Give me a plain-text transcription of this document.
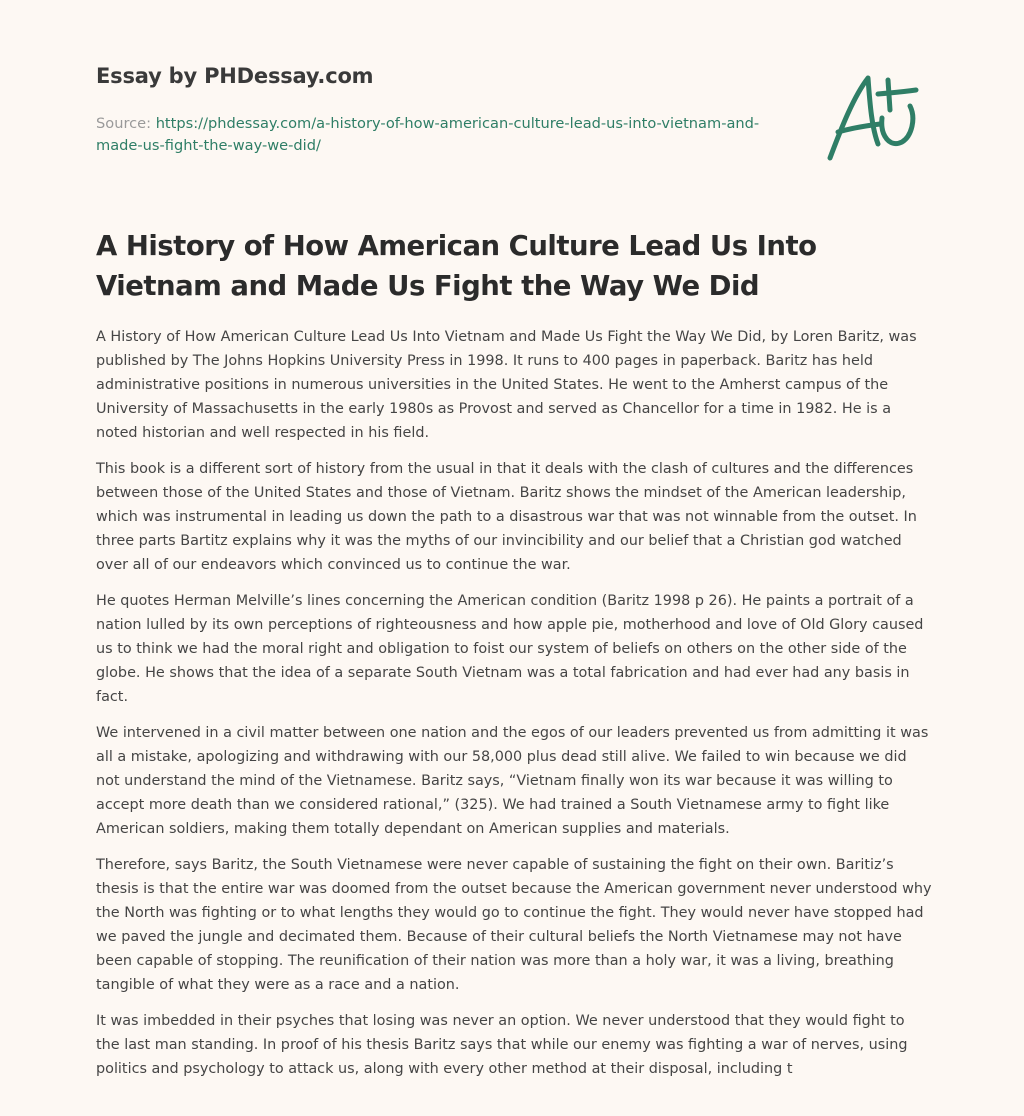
Essay by PHDessay.com
Source: https://phdessay.com/a-history-of-how-american-culture-lead-us-into-vietnam-and-made-us-fight-the-way-we-did/
A History of How American Culture Lead Us Into Vietnam and Made Us Fight the Way We Did

A History of How American Culture Lead Us Into Vietnam and Made Us Fight the Way We Did, by Loren Baritz, was published by The Johns Hopkins University Press in 1998. It runs to 400 pages in paperback. Baritz has held administrative positions in numerous universities in the United States. He went to the Amherst campus of the University of Massachusetts in the early 1980s as Provost and served as Chancellor for a time in 1982. He is a noted historian and well respected in his field.

This book is a different sort of history from the usual in that it deals with the clash of cultures and the differences between those of the United States and those of Vietnam. Baritz shows the mindset of the American leadership, which was instrumental in leading us down the path to a disastrous war that was not winnable from the outset. In three parts Bartitz explains why it was the myths of our invincibility and our belief that a Christian god watched over all of our endeavors which convinced us to continue the war.

He quotes Herman Melville’s lines concerning the American condition (Baritz 1998 p 26). He paints a portrait of a nation lulled by its own perceptions of righteousness and how apple pie, motherhood and love of Old Glory caused us to think we had the moral right and obligation to foist our system of beliefs on others on the other side of the globe. He shows that the idea of a separate South Vietnam was a total fabrication and had ever had any basis in fact.

We intervened in a civil matter between one nation and the egos of our leaders prevented us from admitting it was all a mistake, apologizing and withdrawing with our 58,000 plus dead still alive. We failed to win because we did not understand the mind of the Vietnamese. Baritz says, “Vietnam finally won its war because it was willing to accept more death than we considered rational,” (325). We had trained a South Vietnamese army to fight like American soldiers, making them totally dependant on American supplies and materials.

Therefore, says Baritz, the South Vietnamese were never capable of sustaining the fight on their own. Baritiz’s thesis is that the entire war was doomed from the outset because the American government never understood why the North was fighting or to what lengths they would go to continue the fight. They would never have stopped had we paved the jungle and decimated them. Because of their cultural beliefs the North Vietnamese may not have been capable of stopping. The reunification of their nation was more than a holy war, it was a living, breathing tangible of what they were as a race and a nation.

It was imbedded in their psyches that losing was never an option. We never understood that they would fight to the last man standing. In proof of his thesis Baritz says that while our enemy was fighting a war of nerves, using politics and psychology to attack us, along with every other method at their disposal, including t
